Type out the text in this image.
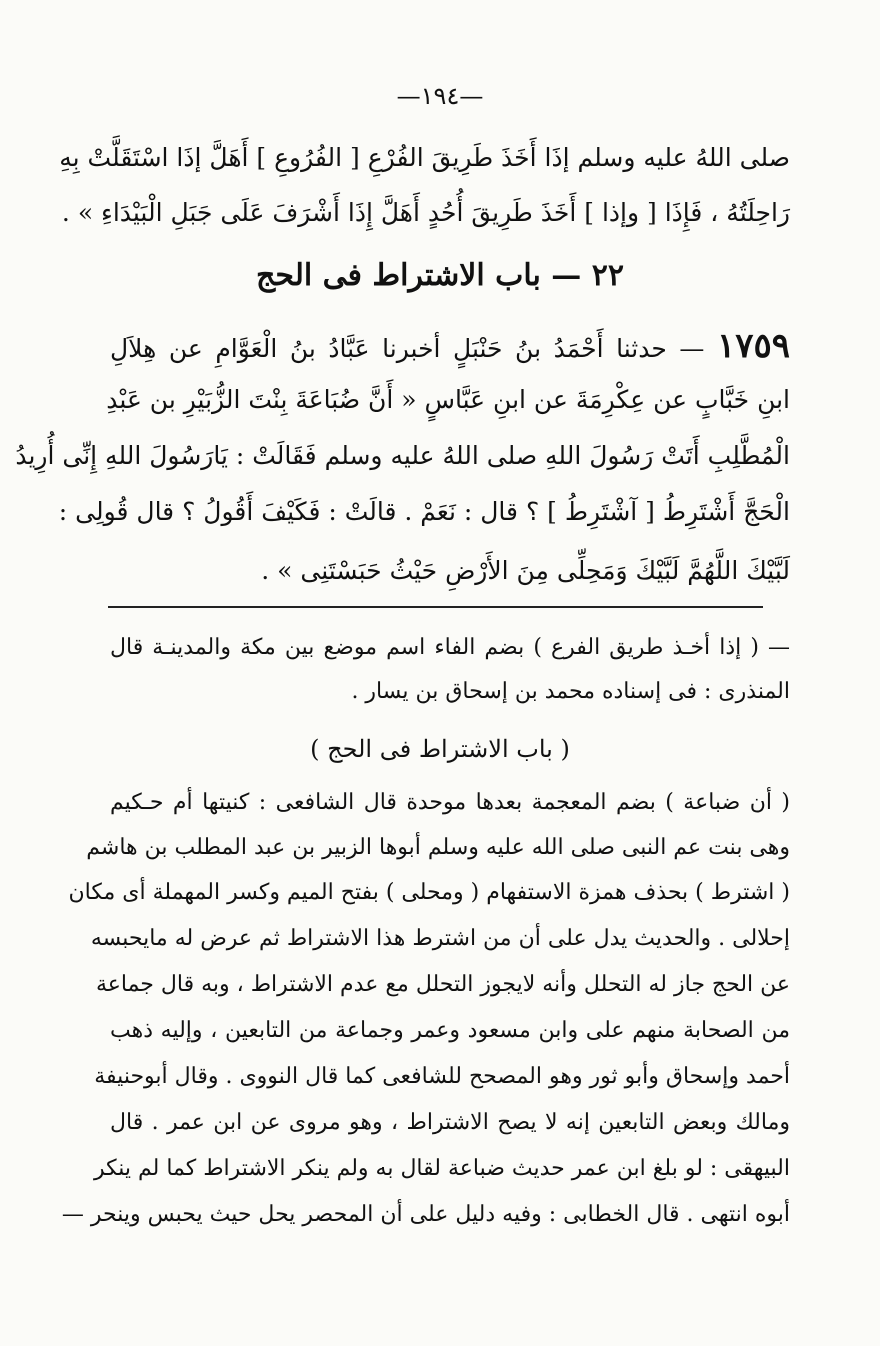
—١٩٤—
صلى اللهُ عليه وسلم إذَا أَخَذَ طَرِيقَ الفُرْعِ [ الفُرُوعِ ] أَهَلَّ إذَا اسْتَقَلَّتْ بِهِ
رَاحِلَتُهُ ، فَإِذَا [ وإذا ] أَخَذَ طَرِيقَ أُحُدٍ أَهَلَّ إِذَا أَشْرَفَ عَلَى جَبَلِ الْبَيْدَاءِ » .
٢٢ — باب الاشتراط فى الحج
١٧٥٩ — حدثنا أَحْمَدُ بنُ حَنْبَلٍ أخبرنا عَبَّادُ بنُ الْعَوَّامِ عن هِلاَلِ
ابنِ خَبَّابٍ عن عِكْرِمَةَ عن ابنِ عَبَّاسٍ « أَنَّ ضُبَاعَةَ بِنْتَ الزُّبَيْرِ بن عَبْدِ
الْمُطَّلِبِ أَتَتْ رَسُولَ اللهِ صلى اللهُ عليه وسلم فَقَالَتْ : يَارَسُولَ اللهِ إِنِّى أُرِيدُ
الْحَجَّ أَشْتَرِطُ [ آشْتَرِطُ ] ؟ قال : نَعَمْ . قالَتْ : فَكَيْفَ أَقُولُ ؟ قال قُولِى :
لَبَّيْكَ اللَّهُمَّ لَبَّيْكَ وَمَحِلِّى مِنَ الأَرْضِ حَيْثُ حَبَسْتَنِى » .
— ( إذا أخـذ طريق الفرع ) بضم الفاء اسم موضع بين مكة والمدينـة قال
المنذرى : فى إسناده محمد بن إسحاق بن يسار .
( باب الاشتراط فى الحج )
( أن ضباعة ) بضم المعجمة بعدها موحدة قال الشافعى : كنيتها أم حـكيم
وهى بنت عم النبى صلى الله عليه وسلم أبوها الزبير بن عبد المطلب بن هاشم
( اشترط ) بحذف همزة الاستفهام ( ومحلى ) بفتح الميم وكسر المهملة أى مكان
إحلالى . والحديث يدل على أن من اشترط هذا الاشتراط ثم عرض له مايحبسه
عن الحج جاز له التحلل وأنه لايجوز التحلل مع عدم الاشتراط ، وبه قال جماعة
من الصحابة منهم على وابن مسعود وعمر وجماعة من التابعين ، وإليه ذهب
أحمد وإسحاق وأبو ثور وهو المصحح للشافعى كما قال النووى . وقال أبوحنيفة
ومالك وبعض التابعين إنه لا يصح الاشتراط ، وهو مروى عن ابن عمر . قال
البيهقى : لو بلغ ابن عمر حديث ضباعة لقال به ولم ينكر الاشتراط كما لم ينكر
أبوه انتهى . قال الخطابى : وفيه دليل على أن المحصر يحل حيث يحبس وينحر —
